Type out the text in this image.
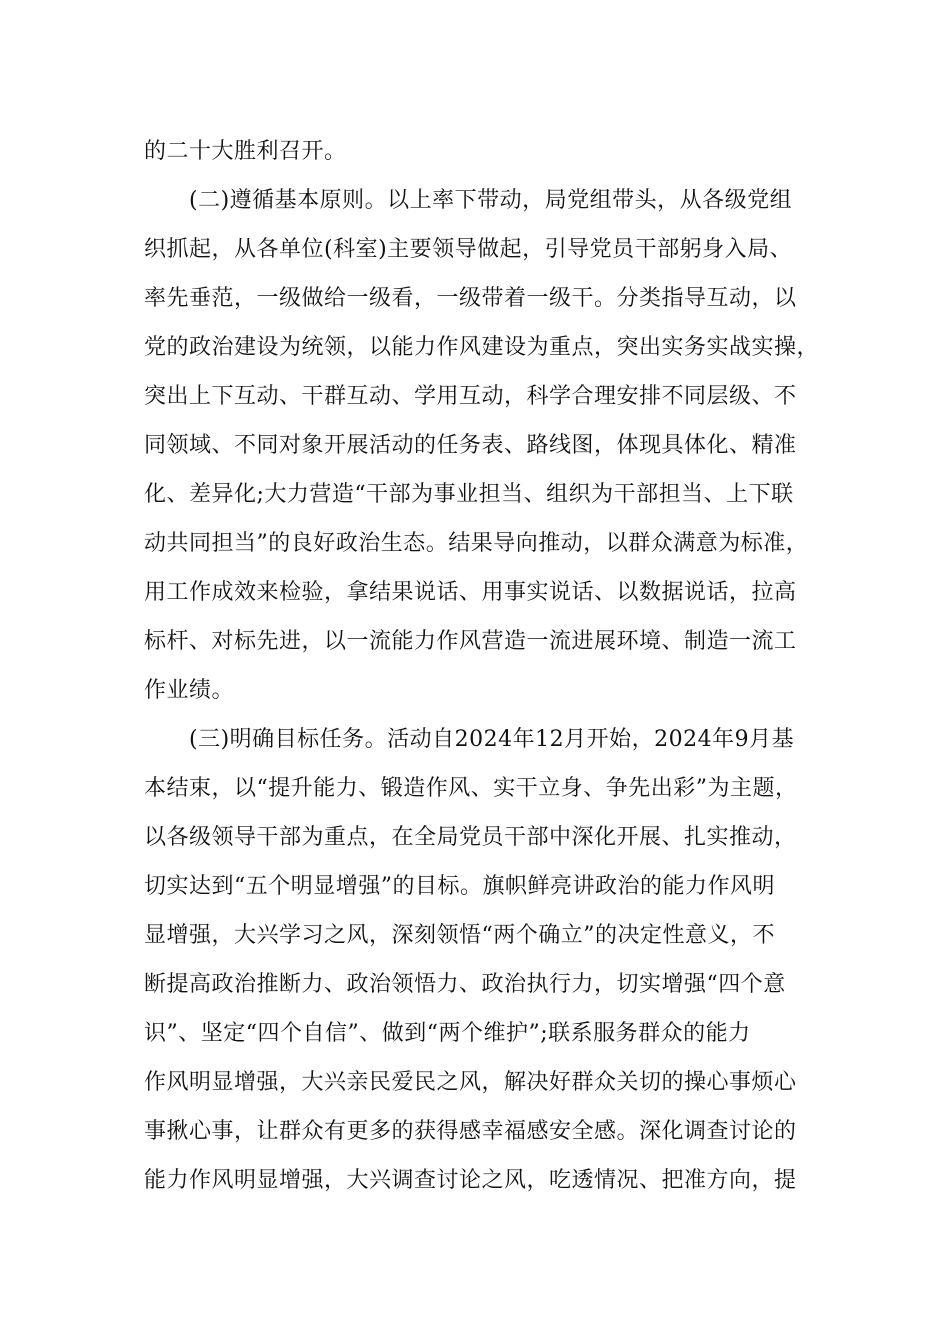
的二十大胜利召开。
(二)遵循基本原则。以上率下带动，局党组带头，从各级党组
织抓起，从各单位(科室)主要领导做起，引导党员干部躬身入局、
率先垂范，一级做给一级看，一级带着一级干。分类指导互动，以
党的政治建设为统领，以能力作风建设为重点，突出实务实战实操，
突出上下互动、干群互动、学用互动，科学合理安排不同层级、不
同领域、不同对象开展活动的任务表、路线图，体现具体化、精准
化、差异化;大力营造“干部为事业担当、组织为干部担当、上下联
动共同担当”的良好政治生态。结果导向推动，以群众满意为标准，
用工作成效来检验，拿结果说话、用事实说话、以数据说话，拉高
标杆、对标先进，以一流能力作风营造一流进展环境、制造一流工
作业绩。
(三)明确目标任务。活动自2024年12月开始，2024年9月基
本结束，以“提升能力、锻造作风、实干立身、争先出彩”为主题，
以各级领导干部为重点，在全局党员干部中深化开展、扎实推动，
切实达到“五个明显增强”的目标。旗帜鲜亮讲政治的能力作风明
显增强，大兴学习之风，深刻领悟“两个确立”的决定性意义，不
断提高政治推断力、政治领悟力、政治执行力，切实增强“四个意
识”、坚定“四个自信”、做到“两个维护”;联系服务群众的能力
作风明显增强，大兴亲民爱民之风，解决好群众关切的操心事烦心
事揪心事，让群众有更多的获得感幸福感安全感。深化调查讨论的
能力作风明显增强，大兴调查讨论之风，吃透情况、把准方向，提
